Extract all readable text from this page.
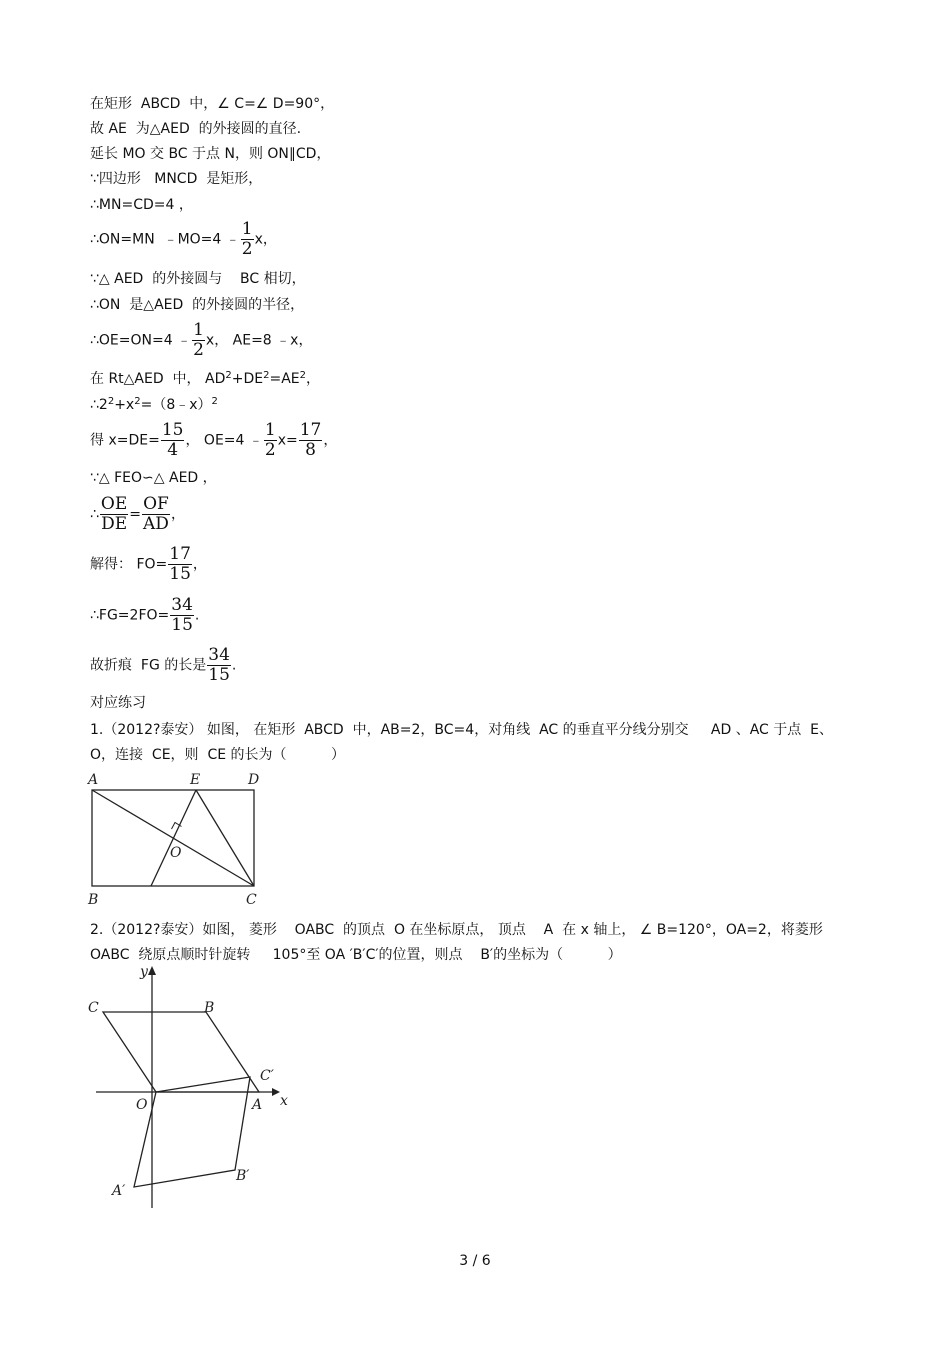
在矩形  ABCD  中，∠ C=∠ D=90°，
故 AE  为△AED  的外接圆的直径.
延长 MO 交 BC 于点 N，则 ON∥CD，
∵四边形   MNCD  是矩形，
∴MN=CD=4 ，
∴ON=MN  ﹣MO=4 ﹣ $\frac{1}{2}$ x，
∵△ AED  的外接圆与    BC 相切，
∴ON  是△AED  的外接圆的半径，
∴OE=ON=4 ﹣ $\frac{1}{2}$ x， AE=8 ﹣x，
在 Rt△AED  中， $AD^2+DE^2=AE^2$，
$\therefore 2^2+x^2=(8﹣x)^2$
得 $x=DE= \frac{15}{4}$ ， OE=4 ﹣ $\frac{1}{2} x= \frac{17}{8}$ ，
∵△ FEO∽△ AED ，
∴ $\frac{OE}{DE} = \frac{OF}{AD}$ ，
解得： $FO= \frac{17}{15}$ ，
∴FG=2FO= $\frac{34}{15}$ .
故折痕  FG 的长是 $\frac{34}{15}$ .
对应练习
1.（2012?泰安） 如图， 在矩形  ABCD  中，AB=2，BC=4，对角线  AC 的垂直平分线分别交     AD 、AC 于点  E、
O，连接  CE，则  CE 的长为（          ）
A	E	D
O
B	C
2.（2012?泰安）如图， 菱形    OABC  的顶点  O 在坐标原点， 顶点    A  在 x 轴上， ∠ B=120°，OA=2，将菱形
OABC  绕原点顺时针旋转     105°至 OA ′B′C′的位置，则点    B′的坐标为（          ）
C	B
y
C′
O	A x
B′
A′
3 / 6
